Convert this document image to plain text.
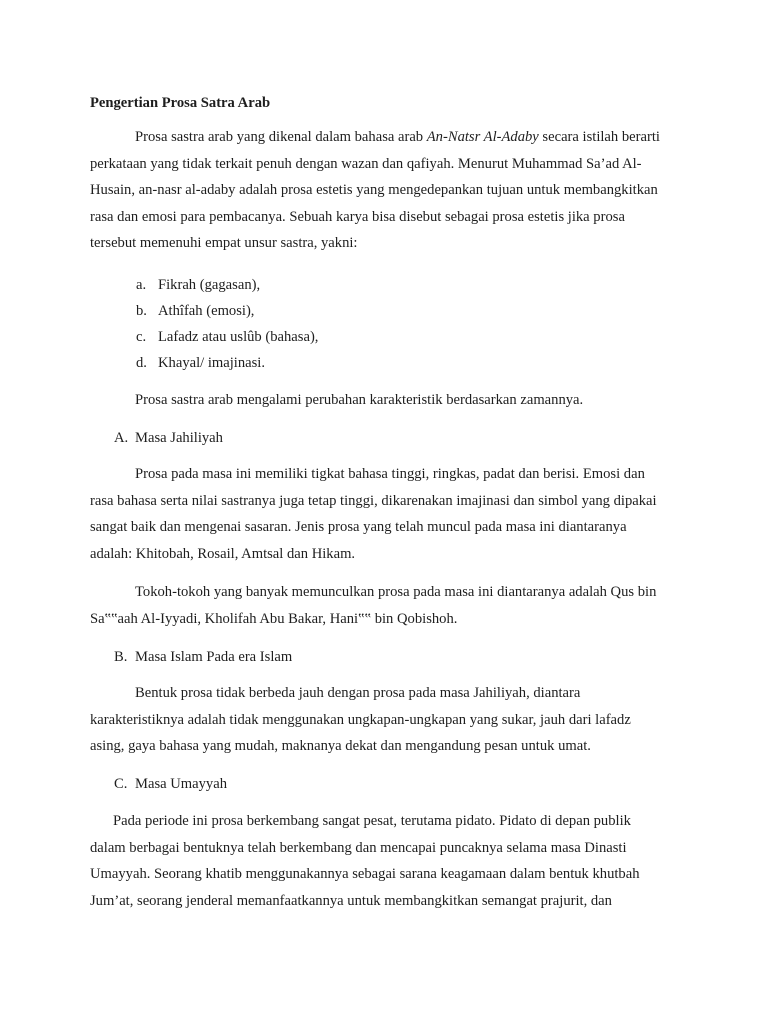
Pengertian Prosa Satra Arab
Prosa sastra arab yang dikenal dalam bahasa arab An-Natsr Al-Adaby secara istilah berarti
perkataan yang tidak terkait penuh dengan wazan dan qafiyah. Menurut Muhammad Sa’ad Al-
Husain, an-nasr al-adaby adalah prosa estetis yang mengedepankan tujuan untuk membangkitkan
rasa dan emosi para pembacanya. Sebuah karya bisa disebut sebagai prosa estetis jika prosa
tersebut memenuhi empat unsur sastra, yakni:
a. Fikrah (gagasan),
b. Athîfah (emosi),
c. Lafadz atau uslûb (bahasa),
d. Khayal/ imajinasi.
Prosa sastra arab mengalami perubahan karakteristik berdasarkan zamannya.
A. Masa Jahiliyah
Prosa pada masa ini memiliki tigkat bahasa tinggi, ringkas, padat dan berisi. Emosi dan
rasa bahasa serta nilai sastranya juga tetap tinggi, dikarenakan imajinasi dan simbol yang dipakai
sangat baik dan mengenai sasaran. Jenis prosa yang telah muncul pada masa ini diantaranya
adalah: Khitobah, Rosail, Amtsal dan Hikam.
Tokoh-tokoh yang banyak memunculkan prosa pada masa ini diantaranya adalah Qus bin
Sa‟‟aah Al-Iyyadi, Kholifah Abu Bakar, Hani‟‟ bin Qobishoh.
B. Masa Islam Pada era Islam
Bentuk prosa tidak berbeda jauh dengan prosa pada masa Jahiliyah, diantara
karakteristiknya adalah tidak menggunakan ungkapan-ungkapan yang sukar, jauh dari lafadz
asing, gaya bahasa yang mudah, maknanya dekat dan mengandung pesan untuk umat.
C. Masa Umayyah
Pada periode ini prosa berkembang sangat pesat, terutama pidato. Pidato di depan publik
dalam berbagai bentuknya telah berkembang dan mencapai puncaknya selama masa Dinasti
Umayyah. Seorang khatib menggunakannya sebagai sarana keagamaan dalam bentuk khutbah
Jum’at, seorang jenderal memanfaatkannya untuk membangkitkan semangat prajurit, dan
